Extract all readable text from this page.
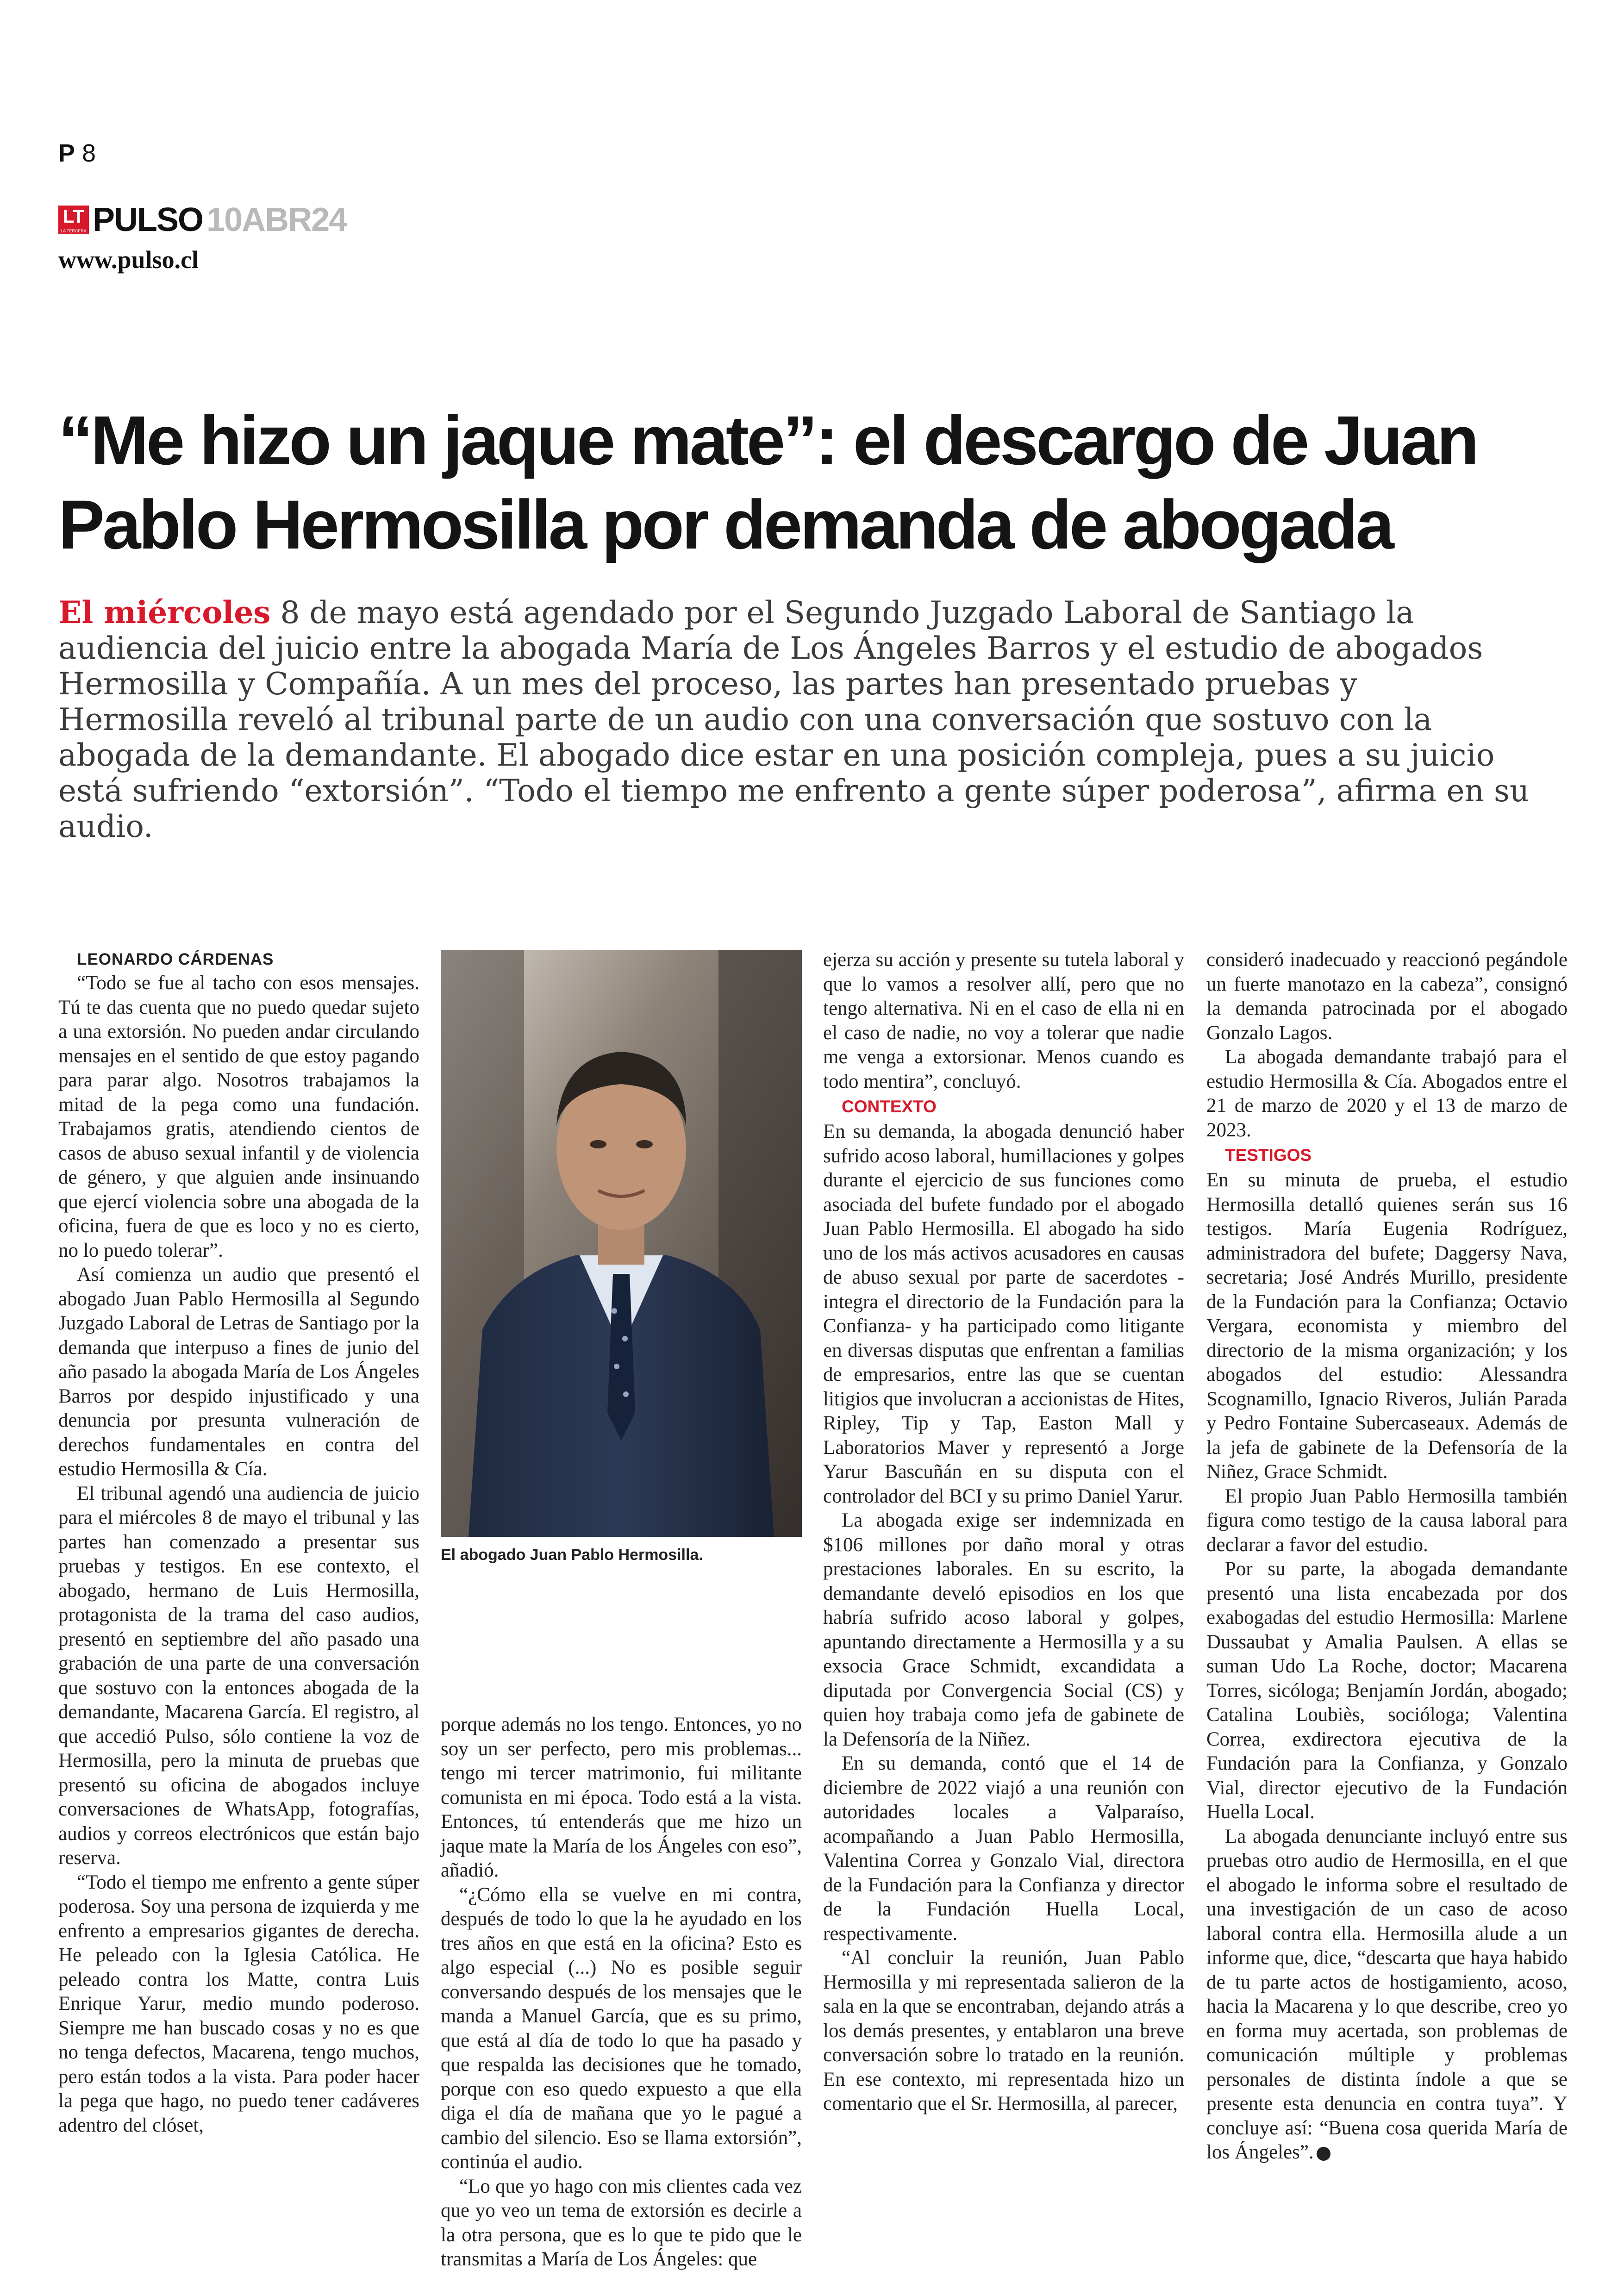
P 8
LT
LA TERCERA PULSO 10ABR24
www.pulso.cl
“Me hizo un jaque mate”: el descargo de Juan Pablo Hermosilla por demanda de abogada

El miércoles 8 de mayo está agendado por el Segundo Juzgado Laboral de Santiago la audiencia del juicio entre la abogada María de Los Ángeles Barros y el estudio de abogados Hermosilla y Compañía. A un mes del proceso, las partes han presentado pruebas y Hermosilla reveló al tribunal parte de un audio con una conversación que sostuvo con la abogada de la demandante. El abogado dice estar en una posición compleja, pues a su juicio está sufriendo “extorsión”. “Todo el tiempo me enfrento a gente súper poderosa”, afirma en su audio.

LEONARDO CÁRDENAS

“Todo se fue al tacho con esos mensajes. Tú te das cuenta que no puedo quedar sujeto a una extorsión. No pueden andar circulando mensajes en el sentido de que estoy pagando para parar algo. Nosotros trabajamos la mitad de la pega como una fundación. Trabajamos gratis, atendiendo cientos de casos de abuso sexual infantil y de violencia de género, y que alguien ande insinuando que ejercí violencia sobre una abogada de la oficina, fuera de que es loco y no es cierto, no lo puedo tolerar”.

Así comienza un audio que presentó el abogado Juan Pablo Hermosilla al Segundo Juzgado Laboral de Letras de Santiago por la demanda que interpuso a fines de junio del año pasado la abogada María de Los Ángeles Barros por despido injustificado y una denuncia por presunta vulneración de derechos fundamentales en contra del estudio Hermosilla & Cía.

El tribunal agendó una audiencia de juicio para el miércoles 8 de mayo el tribunal y las partes han comenzado a presentar sus pruebas y testigos. En ese contexto, el abogado, hermano de Luis Hermosilla, protagonista de la trama del caso audios, presentó en septiembre del año pasado una grabación de una parte de una conversación que sostuvo con la entonces abogada de la demandante, Macarena García. El registro, al que accedió Pulso, sólo contiene la voz de Hermosilla, pero la minuta de pruebas que presentó su oficina de abogados incluye conversaciones de WhatsApp, fotografías, audios y correos electrónicos que están bajo reserva.

“Todo el tiempo me enfrento a gente súper poderosa. Soy una persona de izquierda y me enfrento a empresarios gigantes de derecha. He peleado con la Iglesia Católica. He peleado contra los Matte, contra Luis Enrique Yarur, medio mundo poderoso. Siempre me han buscado cosas y no es que no tenga defectos, Macarena, tengo muchos, pero están todos a la vista. Para poder hacer la pega que hago, no puedo tener cadáveres adentro del clóset,

El abogado Juan Pablo Hermosilla.

porque además no los tengo. Entonces, yo no soy un ser perfecto, pero mis problemas... tengo mi tercer matrimonio, fui militante comunista en mi época. Todo está a la vista. Entonces, tú entenderás que me hizo un jaque mate la María de los Ángeles con eso”, añadió.

“¿Cómo ella se vuelve en mi contra, después de todo lo que la he ayudado en los tres años en que está en la oficina? Esto es algo especial (...) No es posible seguir conversando después de los mensajes que le manda a Manuel García, que es su primo, que está al día de todo lo que ha pasado y que respalda las decisiones que he tomado, porque con eso quedo expuesto a que ella diga el día de mañana que yo le pagué a cambio del silencio. Eso se llama extorsión”, continúa el audio.

“Lo que yo hago con mis clientes cada vez que yo veo un tema de extorsión es decirle a la otra persona, que es lo que te pido que le transmitas a María de Los Ángeles: que

ejerza su acción y presente su tutela laboral y que lo vamos a resolver allí, pero que no tengo alternativa. Ni en el caso de ella ni en el caso de nadie, no voy a tolerar que nadie me venga a extorsionar. Menos cuando es todo mentira”, concluyó.

CONTEXTO

En su demanda, la abogada denunció haber sufrido acoso laboral, humillaciones y golpes durante el ejercicio de sus funciones como asociada del bufete fundado por el abogado Juan Pablo Hermosilla. El abogado ha sido uno de los más activos acusadores en causas de abuso sexual por parte de sacerdotes -integra el directorio de la Fundación para la Confianza- y ha participado como litigante en diversas disputas que enfrentan a familias de empresarios, entre las que se cuentan litigios que involucran a accionistas de Hites, Ripley, Tip y Tap, Easton Mall y Laboratorios Maver y representó a Jorge Yarur Bascuñán en su disputa con el controlador del BCI y su primo Daniel Yarur.

La abogada exige ser indemnizada en $106 millones por daño moral y otras prestaciones laborales. En su escrito, la demandante develó episodios en los que habría sufrido acoso laboral y golpes, apuntando directamente a Hermosilla y a su exsocia Grace Schmidt, excandidata a diputada por Convergencia Social (CS) y quien hoy trabaja como jefa de gabinete de la Defensoría de la Niñez.

En su demanda, contó que el 14 de diciembre de 2022 viajó a una reunión con autoridades locales a Valparaíso, acompañando a Juan Pablo Hermosilla, Valentina Correa y Gonzalo Vial, directora de la Fundación para la Confianza y director de la Fundación Huella Local, respectivamente.

“Al concluir la reunión, Juan Pablo Hermosilla y mi representada salieron de la sala en la que se encontraban, dejando atrás a los demás presentes, y entablaron una breve conversación sobre lo tratado en la reunión. En ese contexto, mi representada hizo un comentario que el Sr. Hermosilla, al parecer,

consideró inadecuado y reaccionó pegándole un fuerte manotazo en la cabeza”, consignó la demanda patrocinada por el abogado Gonzalo Lagos.

La abogada demandante trabajó para el estudio Hermosilla & Cía. Abogados entre el 21 de marzo de 2020 y el 13 de marzo de 2023.

TESTIGOS

En su minuta de prueba, el estudio Hermosilla detalló quienes serán sus 16 testigos. María Eugenia Rodríguez, administradora del bufete; Daggersy Nava, secretaria; José Andrés Murillo, presidente de la Fundación para la Confianza; Octavio Vergara, economista y miembro del directorio de la misma organización; y los abogados del estudio: Alessandra Scognamillo, Ignacio Riveros, Julián Parada y Pedro Fontaine Subercaseaux. Además de la jefa de gabinete de la Defensoría de la Niñez, Grace Schmidt.

El propio Juan Pablo Hermosilla también figura como testigo de la causa laboral para declarar a favor del estudio.

Por su parte, la abogada demandante presentó una lista encabezada por dos exabogadas del estudio Hermosilla: Marlene Dussaubat y Amalia Paulsen. A ellas se suman Udo La Roche, doctor; Macarena Torres, sicóloga; Benjamín Jordán, abogado; Catalina Loubiès, socióloga; Valentina Correa, exdirectora ejecutiva de la Fundación para la Confianza, y Gonzalo Vial, director ejecutivo de la Fundación Huella Local.

La abogada denunciante incluyó entre sus pruebas otro audio de Hermosilla, en el que el abogado le informa sobre el resultado de una investigación de un caso de acoso laboral contra ella. Hermosilla alude a un informe que, dice, “descarta que haya habido de tu parte actos de hostigamiento, acoso, hacia la Macarena y lo que describe, creo yo en forma muy acertada, son problemas de comunicación múltiple y problemas personales de distinta índole a que se presente esta denuncia en contra tuya”. Y concluye así: “Buena cosa querida María de los Ángeles”. P
